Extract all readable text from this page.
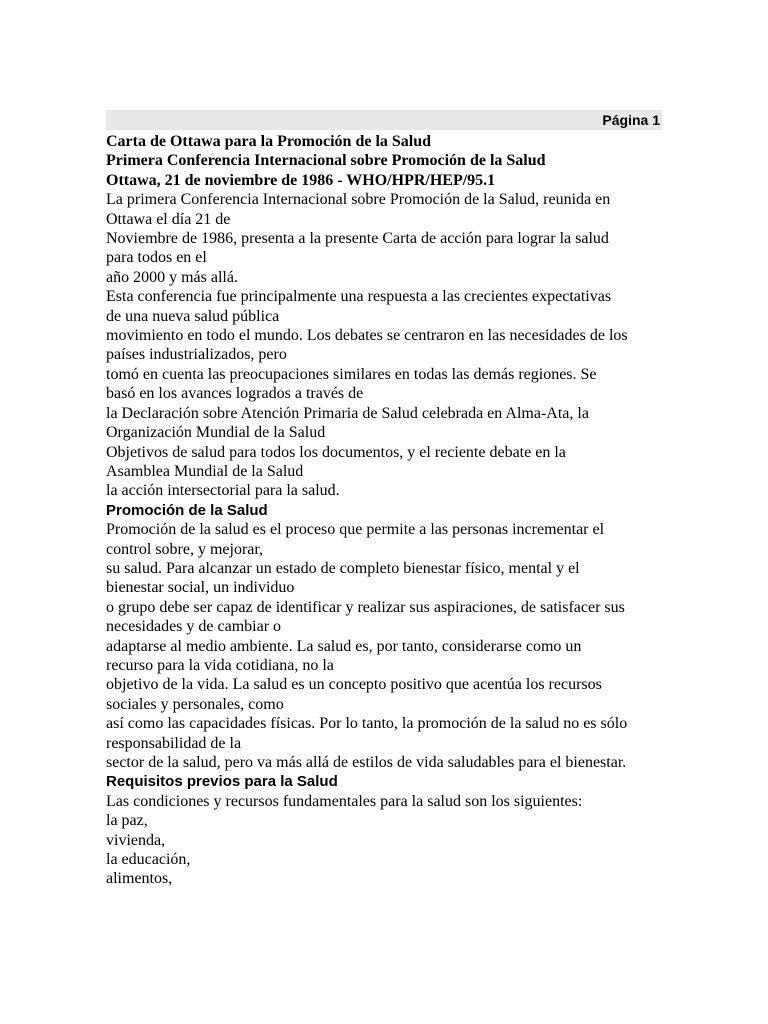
Página 1
Carta de Ottawa para la Promoción de la Salud
Primera Conferencia Internacional sobre Promoción de la Salud
Ottawa, 21 de noviembre de 1986 - WHO/HPR/HEP/95.1
La primera Conferencia Internacional sobre Promoción de la Salud, reunida en
Ottawa el día 21 de
Noviembre de 1986, presenta a la presente Carta de acción para lograr la salud
para todos en el
año 2000 y más allá.
Esta conferencia fue principalmente una respuesta a las crecientes expectativas
de una nueva salud pública
movimiento en todo el mundo. Los debates se centraron en las necesidades de los
países industrializados, pero
tomó en cuenta las preocupaciones similares en todas las demás regiones. Se
basó en los avances logrados a través de
la Declaración sobre Atención Primaria de Salud celebrada en Alma-Ata, la
Organización Mundial de la Salud
Objetivos de salud para todos los documentos, y el reciente debate en la
Asamblea Mundial de la Salud
la acción intersectorial para la salud.
Promoción de la Salud
Promoción de la salud es el proceso que permite a las personas incrementar el
control sobre, y mejorar,
su salud. Para alcanzar un estado de completo bienestar físico, mental y el
bienestar social, un individuo
o grupo debe ser capaz de identificar y realizar sus aspiraciones, de satisfacer sus
necesidades y de cambiar o
adaptarse al medio ambiente. La salud es, por tanto, considerarse como un
recurso para la vida cotidiana, no la
objetivo de la vida. La salud es un concepto positivo que acentúa los recursos
sociales y personales, como
así como las capacidades físicas. Por lo tanto, la promoción de la salud no es sólo
responsabilidad de la
sector de la salud, pero va más allá de estilos de vida saludables para el bienestar.
Requisitos previos para la Salud
Las condiciones y recursos fundamentales para la salud son los siguientes:
la paz,
vivienda,
la educación,
alimentos,
